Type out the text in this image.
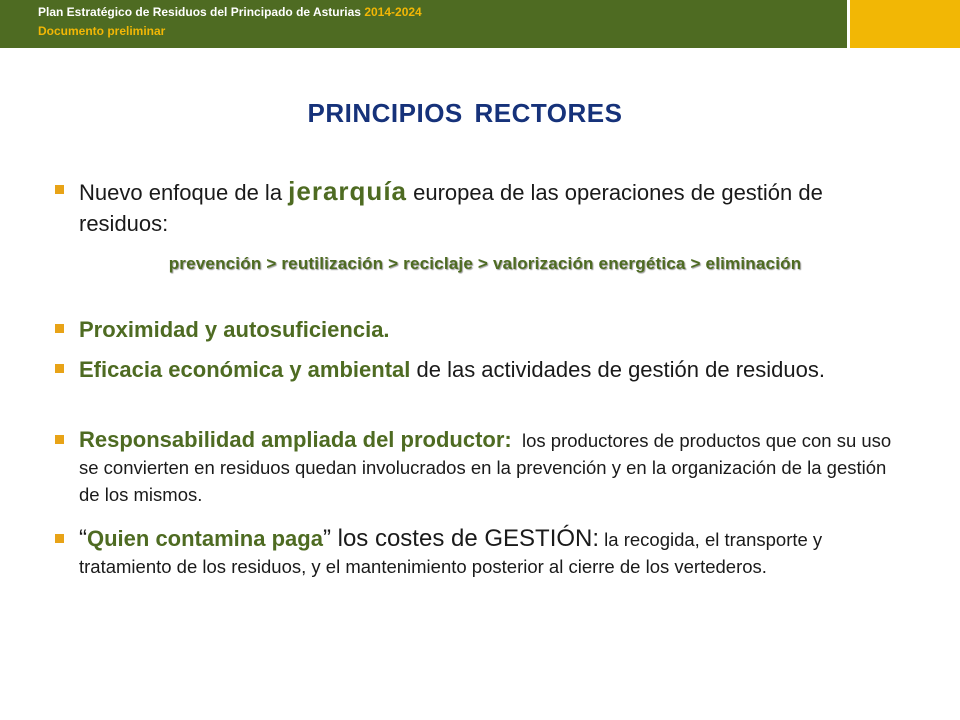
Plan Estratégico de Residuos del Principado de Asturias 2014-2024
Documento preliminar
PRINCIPIOS RECTORES
Nuevo enfoque de la jerarquía europea de las operaciones de gestión de residuos:
prevención > reutilización > reciclaje > valorización energética > eliminación
Proximidad y autosuficiencia.
Eficacia económica y ambiental de las actividades de gestión de residuos.
Responsabilidad ampliada del productor: los productores de productos que con su uso se convierten en residuos quedan involucrados en la prevención y en la organización de la gestión de los mismos.
“Quien contamina paga” los costes de GESTIÓN: la recogida, el transporte y tratamiento de los residuos, y el mantenimiento posterior al cierre de los vertederos.
